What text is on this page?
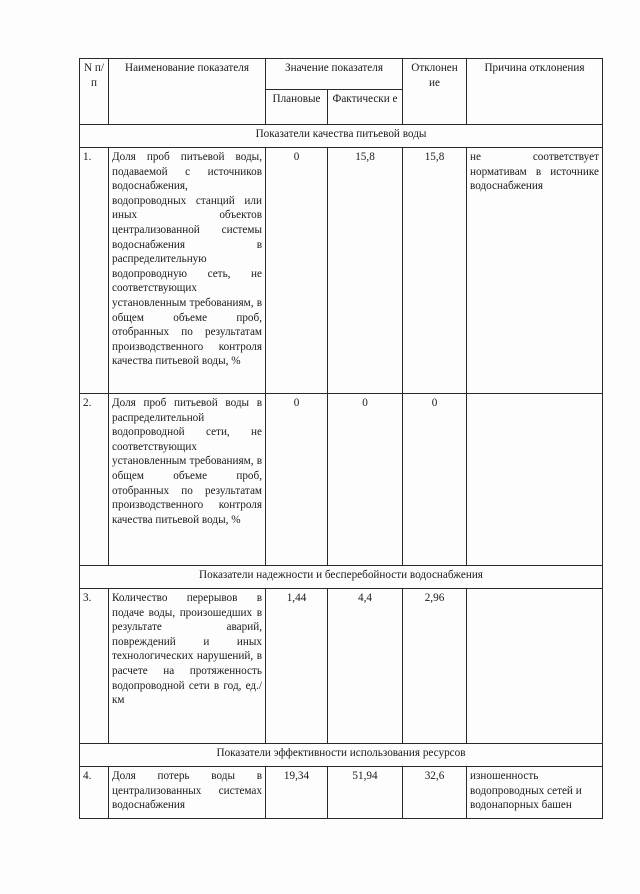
N п/п	Наименование показателя	Значение показателя		Отклонен ие	Причина отклонения
		Плановые	Фактически е		
Показатели качества питьевой воды					
1.	Доля проб питьевой воды, подаваемой с источников водоснабжения, водопроводных станций или иных объектов централизованной системы водоснабжения в распределительную водопроводную сеть, не соответствующих установленным требованиям, в общем объеме проб, отобранных по результатам производственного контроля качества питьевой воды, %	0	15,8	15,8	не соответствует нормативам в источнике водоснабжения

2.	Доля проб питьевой воды в распределительной водопроводной сети, не соответствующих установленным требованиям, в общем объеме проб, отобранных по результатам производственного контроля качества питьевой воды, %	0	0	0	
Показатели надежности и бесперебойности водоснабжения					
3.	Количество перерывов в подаче воды, произошедших в результате аварий, повреждений и иных технологических нарушений, в расчете на протяженность водопроводной сети в год, ед./км	1,44	4,4	2,96	
Показатели эффективности использования ресурсов					
4.	Доля потерь воды в централизованных системах водоснабжения	19,34	51,94	32,6	изношенность водопроводных сетей и водонапорных башен
